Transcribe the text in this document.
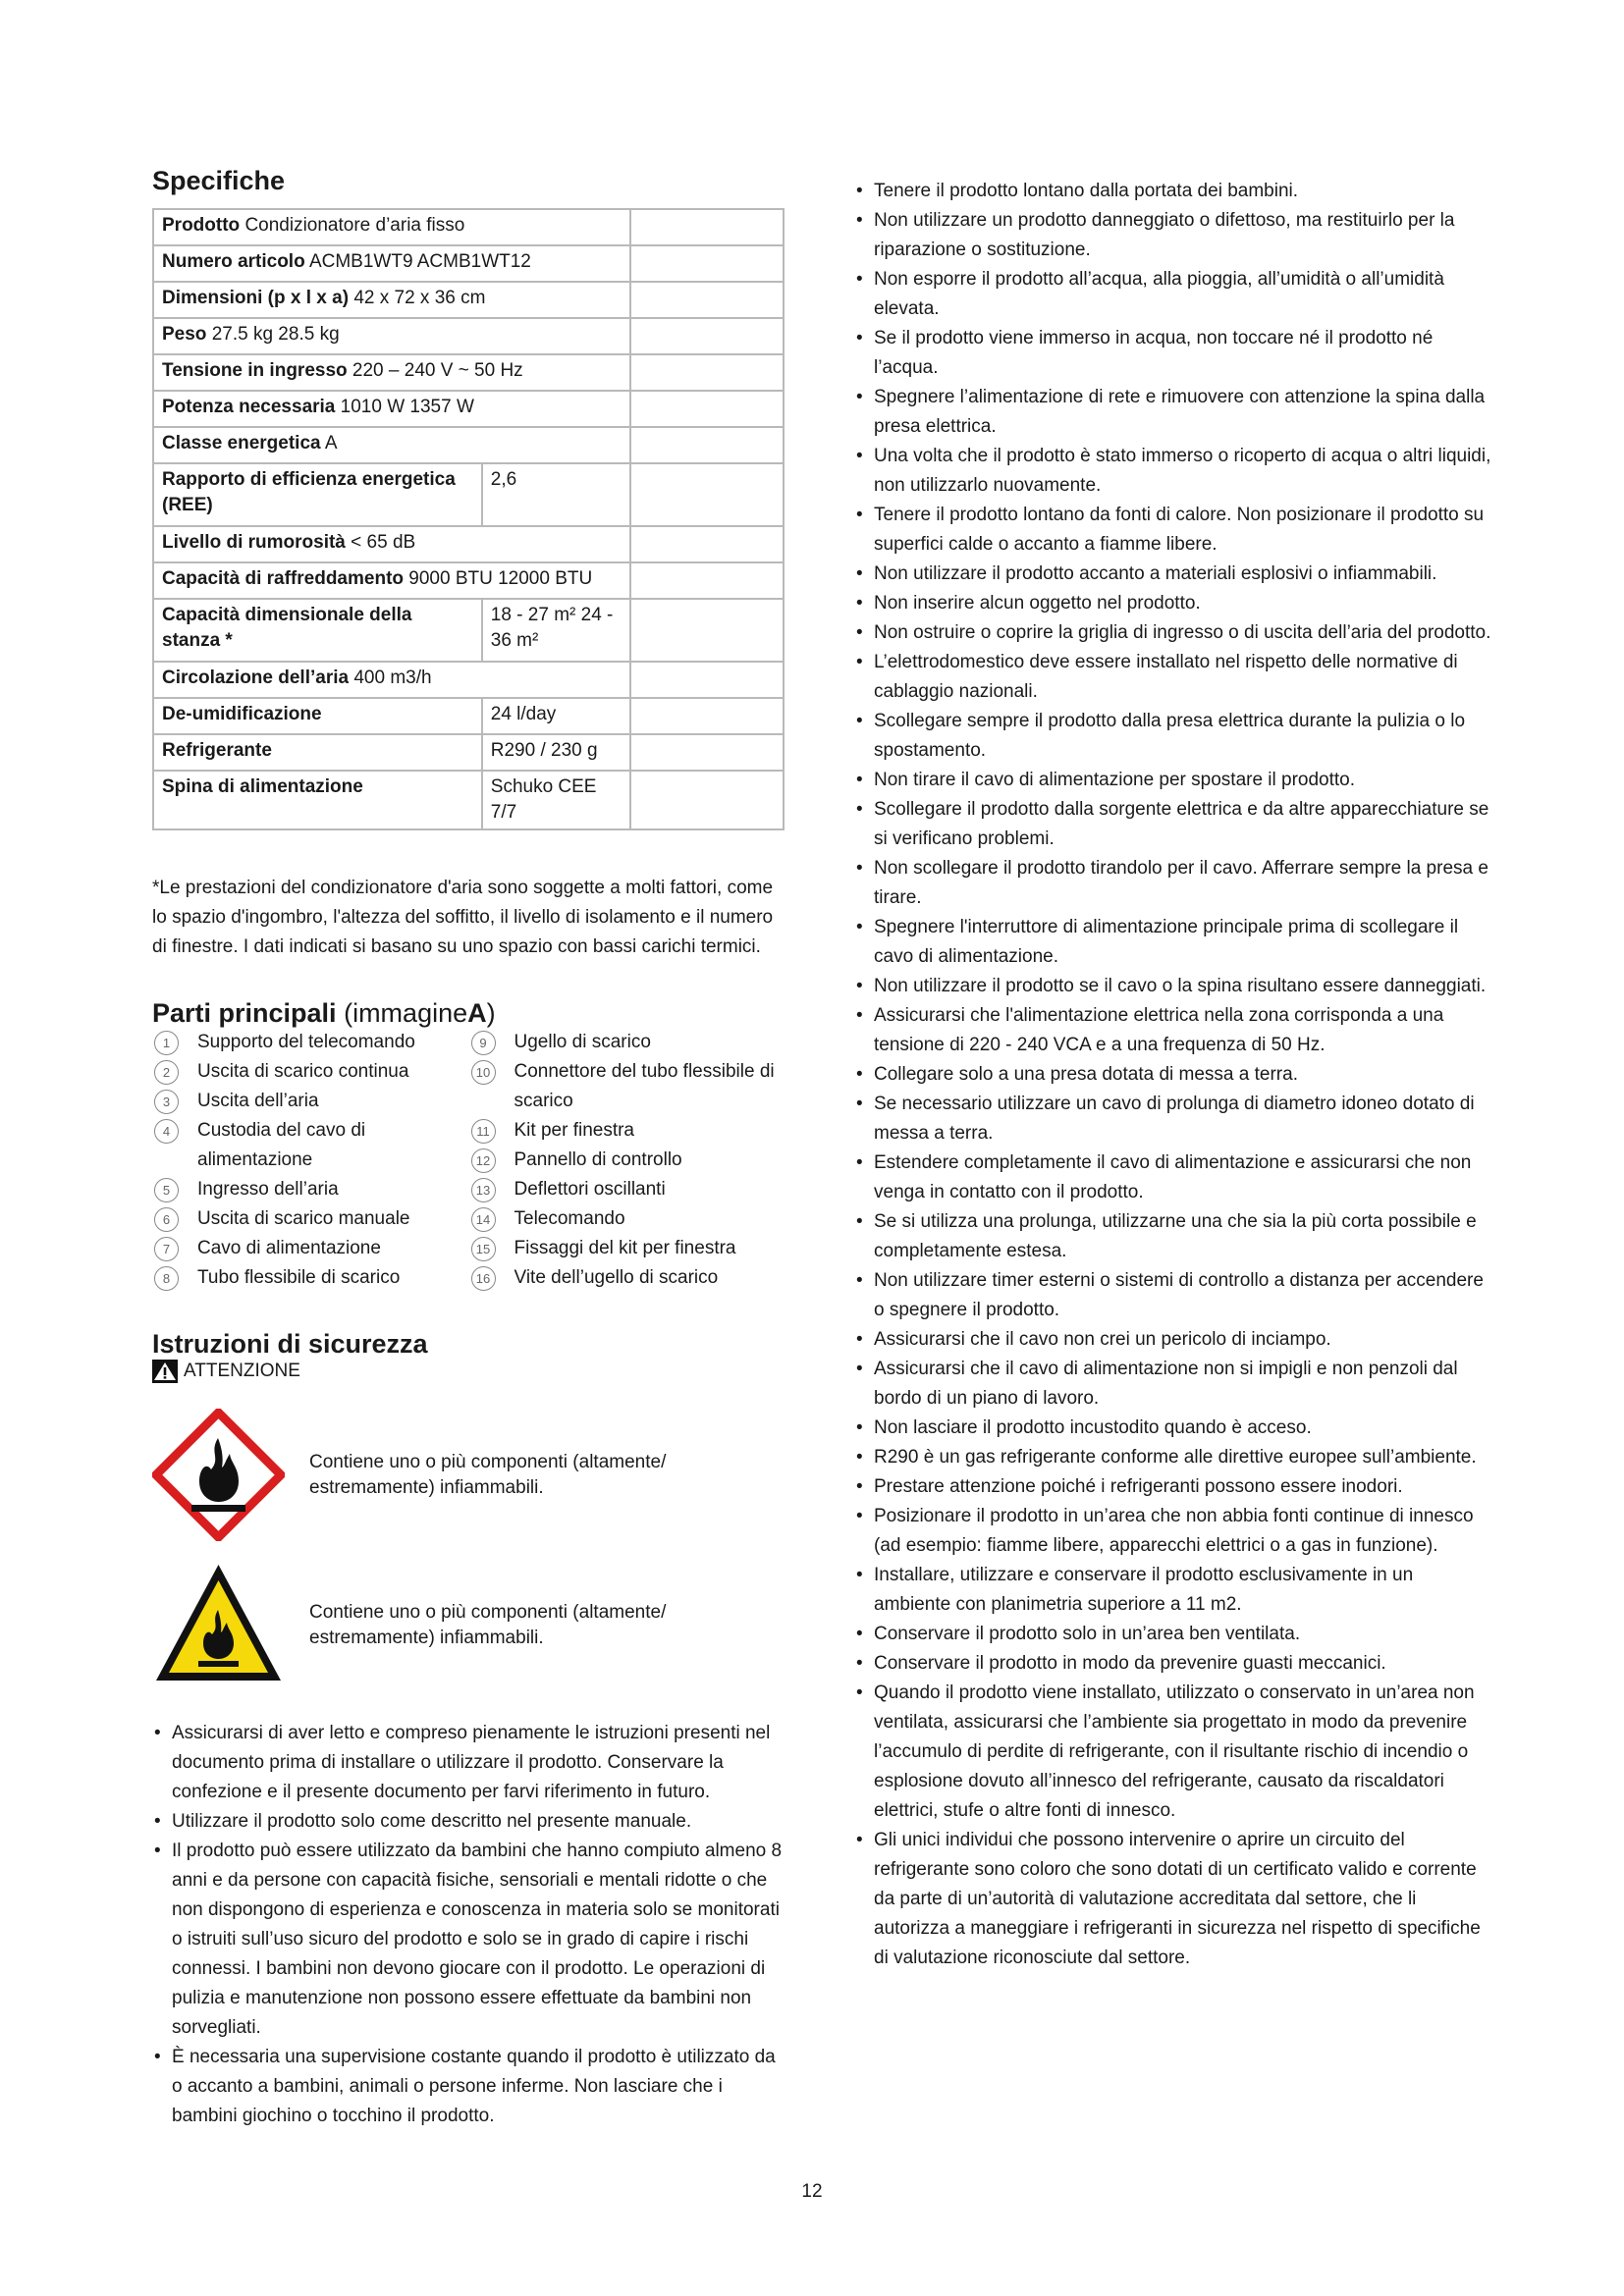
Specifiche
Prodotto Condizionatore d’aria fisso		
Numero articolo ACMB1WT9 ACMB1WT12		
Dimensioni (p x l x a) 42 x 72 x 36 cm		
Peso 27.5 kg 28.5 kg		
Tensione in ingresso 220 – 240 V ~ 50 Hz		
Potenza necessaria 1010 W 1357 W		
Classe energetica A		
Rapporto di efficienza energetica (REE)	2,6	
Livello di rumorosità < 65 dB		
Capacità di raffreddamento 9000 BTU 12000 BTU		
Capacità dimensionale della stanza *	18 - 27 m² 24 - 36 m²	
Circolazione dell’aria 400 m3/h		
De-umidificazione	24 l/day	
Refrigerante	R290 / 230 g	
Spina di alimentazione	Schuko CEE 7/7	

*Le prestazioni del condizionatore d'aria sono soggette a molti fattori, come lo spazio d'ingombro, l'altezza del soffitto, il livello di isolamento e il numero di finestre. I dati indicati si basano su uno spazio con bassi carichi termici.

Parti principali (immagineA)
1	Supporto del telecomando
2	Uscita di scarico continua
3	Uscita dell’aria
4	Custodia del cavo di alimentazione
5	Ingresso dell’aria
6	Uscita di scarico manuale
7	Cavo di alimentazione
8	Tubo flessibile di scarico
9	Ugello di scarico
10 Connettore del tubo flessibile di scarico
11	Kit per finestra
12 Pannello di controllo
13 Deflettori oscillanti
14 Telecomando
15 Fissaggi del kit per finestra
16 Vite dell’ugello di scarico
Istruzioni di sicurezza
ATTENZIONE
Contiene uno o più componenti (altamente/ estremamente) infiammabili.
Contiene uno o più componenti (altamente/ estremamente) infiammabili.
• Assicurarsi di aver letto e compreso pienamente le istruzioni presenti nel documento prima di installare o utilizzare il prodotto. Conservare la confezione e il presente documento per farvi riferimento in futuro.
• Utilizzare il prodotto solo come descritto nel presente manuale.
• Il prodotto può essere utilizzato da bambini che hanno compiuto almeno 8 anni e da persone con capacità fisiche, sensoriali e mentali ridotte o che non dispongono di esperienza e conoscenza in materia solo se monitorati o istruiti sull’uso sicuro del prodotto e solo se in grado di capire i rischi connessi. I bambini non devono giocare con il prodotto. Le operazioni di pulizia e manutenzione non possono essere effettuate da bambini non sorvegliati.
• È necessaria una supervisione costante quando il prodotto è utilizzato da o accanto a bambini, animali o persone inferme. Non lasciare che i bambini giochino o tocchino il prodotto.
• Tenere il prodotto lontano dalla portata dei bambini.
• Non utilizzare un prodotto danneggiato o difettoso, ma restituirlo per la riparazione o sostituzione.
• Non esporre il prodotto all’acqua, alla pioggia, all’umidità o all’umidità elevata.
• Se il prodotto viene immerso in acqua, non toccare né il prodotto né l’acqua.
• Spegnere l’alimentazione di rete e rimuovere con attenzione la spina dalla presa elettrica.
• Una volta che il prodotto è stato immerso o ricoperto di acqua o altri liquidi, non utilizzarlo nuovamente.
• Tenere il prodotto lontano da fonti di calore. Non posizionare il prodotto su superfici calde o accanto a fiamme libere.
• Non utilizzare il prodotto accanto a materiali esplosivi o infiammabili.
• Non inserire alcun oggetto nel prodotto.
• Non ostruire o coprire la griglia di ingresso o di uscita dell’aria del prodotto.
• L’elettrodomestico deve essere installato nel rispetto delle normative di cablaggio nazionali.
• Scollegare sempre il prodotto dalla presa elettrica durante la pulizia o lo spostamento.
• Non tirare il cavo di alimentazione per spostare il prodotto.
• Scollegare il prodotto dalla sorgente elettrica e da altre apparecchiature se si verificano problemi.
• Non scollegare il prodotto tirandolo per il cavo. Afferrare sempre la presa e tirare.
• Spegnere l'interruttore di alimentazione principale prima di scollegare il cavo di alimentazione.
• Non utilizzare il prodotto se il cavo o la spina risultano essere danneggiati.
• Assicurarsi che l'alimentazione elettrica nella zona corrisponda a una tensione di 220 - 240 VCA e a una frequenza di 50 Hz.
• Collegare solo a una presa dotata di messa a terra.
• Se necessario utilizzare un cavo di prolunga di diametro idoneo dotato di messa a terra.
• Estendere completamente il cavo di alimentazione e assicurarsi che non venga in contatto con il prodotto.
• Se si utilizza una prolunga, utilizzarne una che sia la più corta possibile e completamente estesa.
• Non utilizzare timer esterni o sistemi di controllo a distanza per accendere o spegnere il prodotto.
• Assicurarsi che il cavo non crei un pericolo di inciampo.
• Assicurarsi che il cavo di alimentazione non si impigli e non penzoli dal bordo di un piano di lavoro.
• Non lasciare il prodotto incustodito quando è acceso.
• R290 è un gas refrigerante conforme alle direttive europee sull’ambiente.
• Prestare attenzione poiché i refrigeranti possono essere inodori.
• Posizionare il prodotto in un’area che non abbia fonti continue di innesco (ad esempio: fiamme libere, apparecchi elettrici o a gas in funzione).
• Installare, utilizzare e conservare il prodotto esclusivamente in un ambiente con planimetria superiore a 11 m2.
• Conservare il prodotto solo in un’area ben ventilata.
• Conservare il prodotto in modo da prevenire guasti meccanici.
• Quando il prodotto viene installato, utilizzato o conservato in un’area non ventilata, assicurarsi che l’ambiente sia progettato in modo da prevenire l’accumulo di perdite di refrigerante, con il risultante rischio di incendio o esplosione dovuto all’innesco del refrigerante, causato da riscaldatori elettrici, stufe o altre fonti di innesco.
• Gli unici individui che possono intervenire o aprire un circuito del refrigerante sono coloro che sono dotati di un certificato valido e corrente da parte di un’autorità di valutazione accreditata dal settore, che li autorizza a maneggiare i refrigeranti in sicurezza nel rispetto di specifiche di valutazione riconosciute dal settore.
12
